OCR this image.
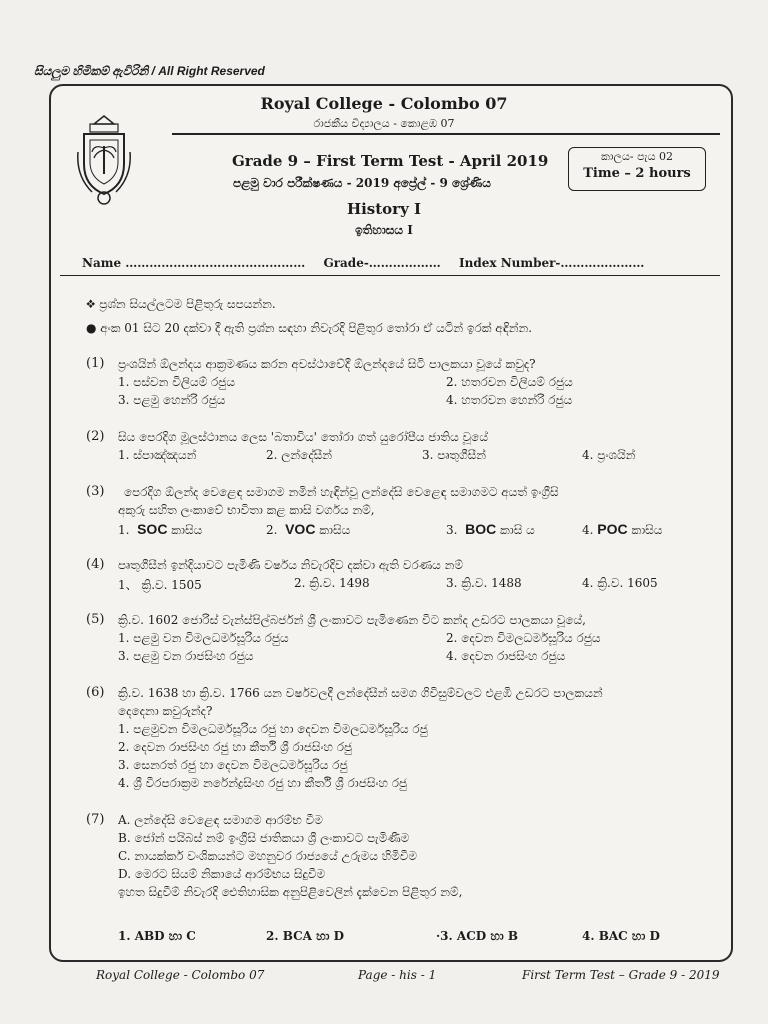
සියලුම හිමිකම් ඇවිරිනි / All Right Reserved
Royal College - Colombo 07
රාජකීය විද්‍යාලය - කොළඹ 07
Grade 9 – First Term Test - April 2019
පළමු වාර පරීක්ෂණය - 2019 අප්‍රේල් - 9 ශ්‍රේණිය
කාලය- පැය 02
Time – 2 hours
History I
ඉතිහාසය I
Name ……………………………………… Grade-……………… Index Number-…………………
❖ ප්‍රශ්න සියල්ලටම පිළිතුරු සපයන්න.
● අංක 01 සිට 20 දක්වා දී ඇති ප්‍රශ්න සඳහා නිවැරදි පිළිතුර තෝරා ඒ යටින් ඉරක් අඳින්න.
(1) ප්‍රංශයින් ඕලන්දය ආක්‍රමණය කරන අවස්ථාවේදී ඕලන්දයේ සිටි පාලකයා වූයේ කවුද?
1. පස්වන විලියම් රජුය	2. හතරවන විලියම් රජුය
3. පළමු හෙන්රි රජුය	4. හතරවන හෙන්රි රජුය
(2) සිය පෙරදිග මූලස්ථානය ලෙස 'බතාවිය' තෝරා ගත් යුරෝපීය ජාතිය වූයේ
1. ස්පාඤ්ඤයන්	2. ලන්දේසීන්	3. පෘතුගීසීන්	4. ප්‍රංශයින්
(3) පෙරදිග ඕලන්ද වෙළෙඳ සමාගම නමින් හැඳින්වූ ලන්දේසි වෙළෙඳ සමාගමට අයත් ඉංග්‍රීසි
අකුරු සහිත ලංකාවේ භාවිතා කළ කාසි වර්ගය නම්,
1. SOC කාසිය	2. VOC කාසිය	3. BOC කාසි ය	4. POC කාසිය
(4) පෘතුගීසීන් ඉන්දියාවට පැමිණි වර්ෂය නිවැරදිව දක්වා ඇති වරණය නම්
1、 ක්‍රි.ව. 1505	2. ක්‍රි.ව. 1498	3. ක්‍රි.ව. 1488	4. ක්‍රි.ව. 1605
(5) ක්‍රි.ව. 1602 ජොරිස් වැන්ස්පිල්බර්ජන් ශ්‍රී ලංකාවට පැමිණෙන විට කන්ද උඩරට පාලකයා වූයේ,
1. පළමු වන විමලධර්මසූරිය රජුය	2. දෙවන විමලධර්මසූරිය රජුය
3. පළමු වන රාජසිංහ රජුය	4. දෙවන රාජසිංහ රජුය
(6) ක්‍රි.ව. 1638 හා ක්‍රි.ව. 1766 යන වර්ෂවලදී ලන්දේසීන් සමග ගිවිසුම්වලට එළඹි උඩරට පාලකයන්
දෙදෙනා කවුරුන්ද?
1. පළමුවන විමලධර්මසූරිය රජු හා දෙවන විමලධර්මසූරිය රජු
2. දෙවන රාජසිංහ රජු හා කීර්ති ශ්‍රී රාජසිංහ රජු
3. සෙනරත් රජු හා දෙවන විමලධර්මසූරිය රජු
4. ශ්‍රී වීරපරාක්‍රම නරේන්ද්‍රසිංහ රජු හා කීර්ති ශ්‍රී රාජසිංහ රජු
(7) A. ලන්දේසි වෙළෙඳ සමාගම ආරම්භ වීම
B. ජෝන් පයිබස් නම් ඉංග්‍රීසි ජාතිකයා ශ්‍රී ලංකාවට පැමිණීම
C. නායක්කර් වංශිකයන්ට මහනුවර රාජ්‍යයේ උරුමය හිමිවීම
D. මෙරට සියම් නිකායේ ආරම්භය සිදුවීම
ඉහත සිදුවීම් නිවැරදි ඓතිහාසික අනුපිළිවෙලින් දැක්වෙන පිළිතුර නම්,
1. ABD හා C	2. BCA හා D	·3. ACD හා B	4. BAC හා D
Royal College - Colombo 07	Page - his - 1	First Term Test – Grade 9 - 2019
